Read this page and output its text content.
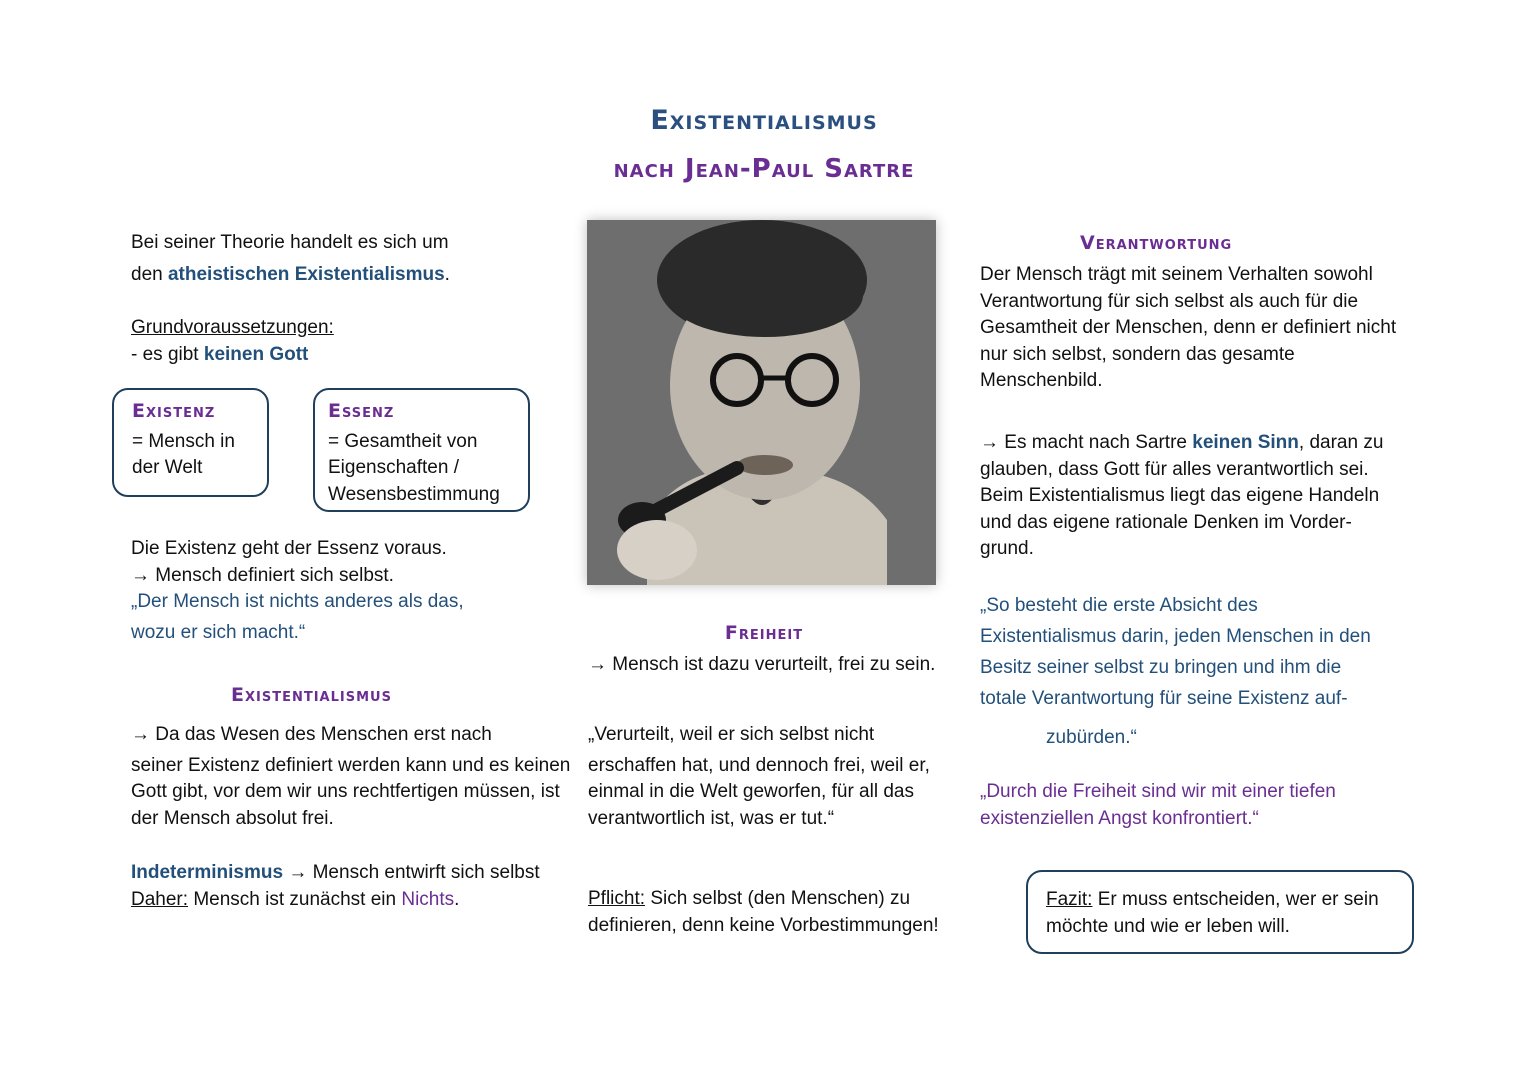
Existentialismus
nach Jean-Paul Sartre
Bei seiner Theorie handelt es sich um
den atheistischen Existentialismus.
Grundvoraussetzungen:
- es gibt keinen Gott
Existenz
= Mensch in der Welt
Essenz
= Gesamtheit von Eigenschaften / Wesensbestimmung
Die Existenz geht der Essenz voraus.
→ Mensch definiert sich selbst.
„Der Mensch ist nichts anderes als das,
wozu er sich macht.“
Existentialismus
→ Da das Wesen des Menschen erst nach
seiner Existenz definiert werden kann und es keinen Gott gibt, vor dem wir uns rechtfertigen müssen, ist der Mensch absolut frei.
Indeterminismus → Mensch entwirft sich selbst
Daher: Mensch ist zunächst ein Nichts.
Freiheit
→ Mensch ist dazu verurteilt, frei zu sein.
„Verurteilt, weil er sich selbst nicht
erschaffen hat, und dennoch frei, weil er, einmal in die Welt geworfen, für all das verantwortlich ist, was er tut.“
Pflicht: Sich selbst (den Menschen) zu definieren, denn keine Vorbestimmungen!
Verantwortung
Der Mensch trägt mit seinem Verhalten sowohl Verantwortung für sich selbst als auch für die Gesamtheit der Menschen, denn er definiert nicht nur sich selbst, sondern das gesamte Menschenbild.
→ Es macht nach Sartre keinen Sinn, daran zu glauben, dass Gott für alles verantwortlich sei. Beim Existentialismus liegt das eigene Handeln und das eigene rationale Denken im Vorder-grund.
„So besteht die erste Absicht des
Existentialismus darin, jeden Menschen in den
Besitz seiner selbst zu bringen und ihm die
totale Verantwortung für seine Existenz auf-
zubürden.“
„Durch die Freiheit sind wir mit einer tiefen existenziellen Angst konfrontiert.“
Fazit: Er muss entscheiden, wer er sein möchte und wie er leben will.
